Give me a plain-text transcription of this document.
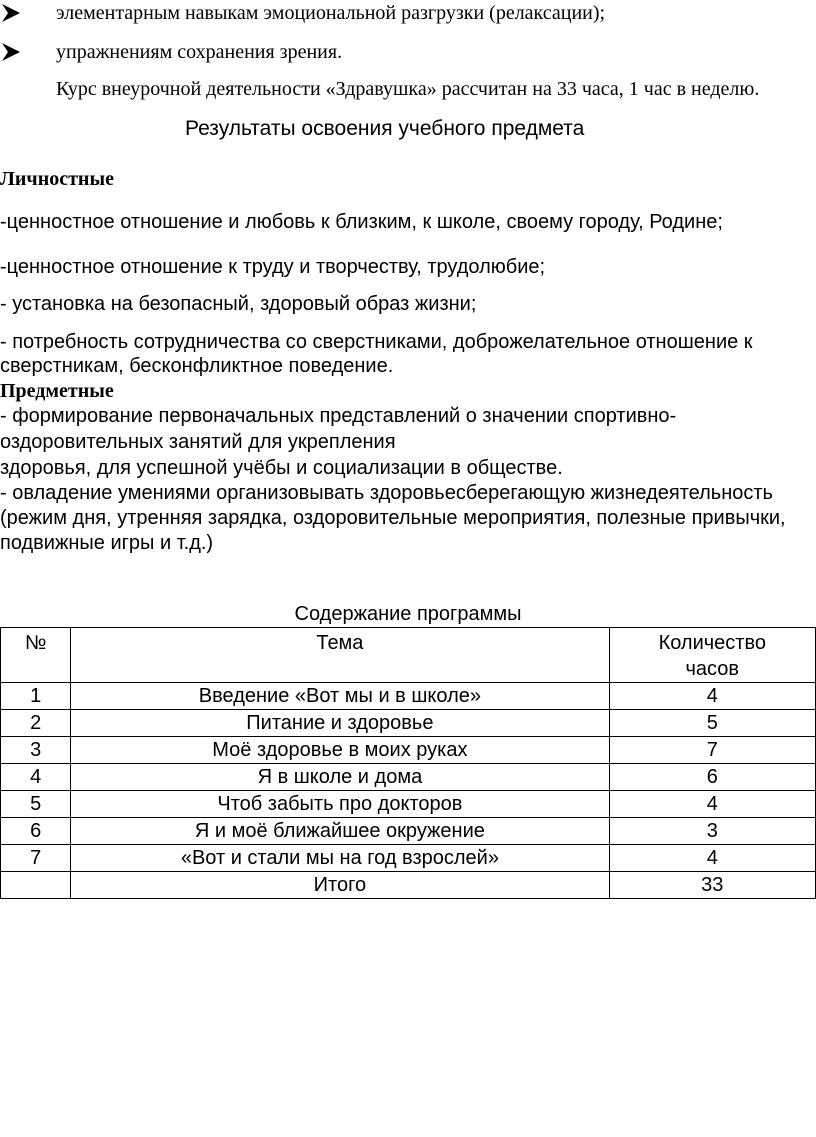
элементарным навыкам эмоциональной разгрузки (релаксации);
упражнениям сохранения зрения.
Курс внеурочной деятельности «Здравушка» рассчитан на 33 часа, 1 час в неделю.
Результаты освоения учебного предмета
Личностные
-ценностное отношение и любовь к близким, к школе, своему городу, Родине;
-ценностное отношение к труду и творчеству, трудолюбие;
- установка на безопасный, здоровый образ жизни;
- потребность сотрудничества со сверстниками, доброжелательное отношение к
сверстникам, бесконфликтное поведение.
Предметные
- формирование первоначальных представлений о значении спортивно-
оздоровительных занятий для укрепления
здоровья, для успешной учёбы и социализации в обществе.
- овладение умениями организовывать здоровьесберегающую жизнедеятельность
(режим дня, утренняя зарядка, оздоровительные мероприятия, полезные привычки,
подвижные игры и т.д.)
Содержание программы
№	Тема	Количество часов
1	Введение «Вот мы и в школе»	4
2	Питание и здоровье	5
3	Моё здоровье в моих руках	7
4	Я в школе и дома	6
5	Чтоб забыть про докторов	4
6	Я и моё ближайшее окружение	3
7	«Вот и стали мы на год взрослей»	4
	Итого	33
